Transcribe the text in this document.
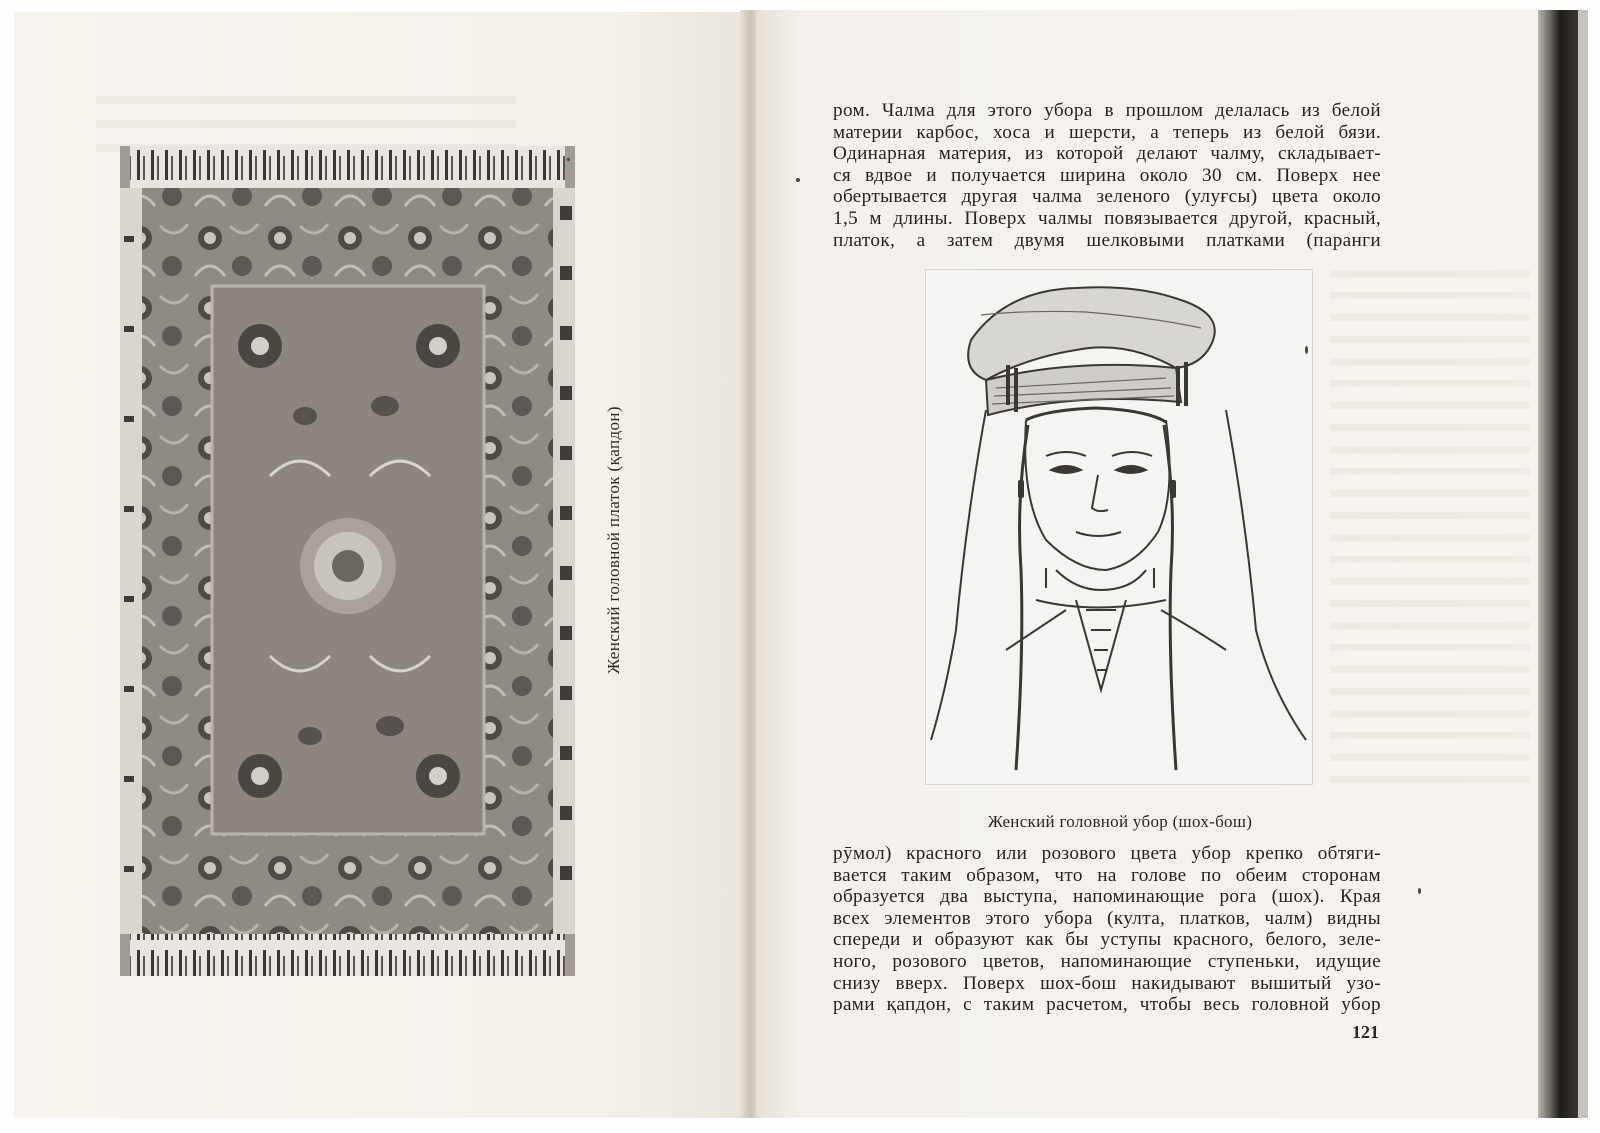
Женский головной платок (қапдон)
ром. Чалма для этого убора в прошлом делалась из белой
материи карбос, хоса и шерсти, а теперь из белой бязи.
Одинарная материя, из которой делают чалму, складывает-
ся вдвое и получается ширина около 30 см. Поверх нее
обертывается другая чалма зеленого (улуғсы) цвета около
1,5 м длины. Поверх чалмы повязывается другой, красный,
платок, а затем двумя шелковыми платками (паранги
Женский головной убор (шох-бош)
рӯмол) красного или розового цвета убор крепко обтяги-
вается таким образом, что на голове по обеим сторонам
образуется два выступа, напоминающие рога (шох). Края
всех элементов этого убора (култа, платков, чалм) видны
спереди и образуют как бы уступы красного, белого, зеле-
ного, розового цветов, напоминающие ступеньки, идущие
снизу вверх. Поверх шох-бош накидывают вышитый узо-
рами қапдон, с таким расчетом, чтобы весь головной убор
121
